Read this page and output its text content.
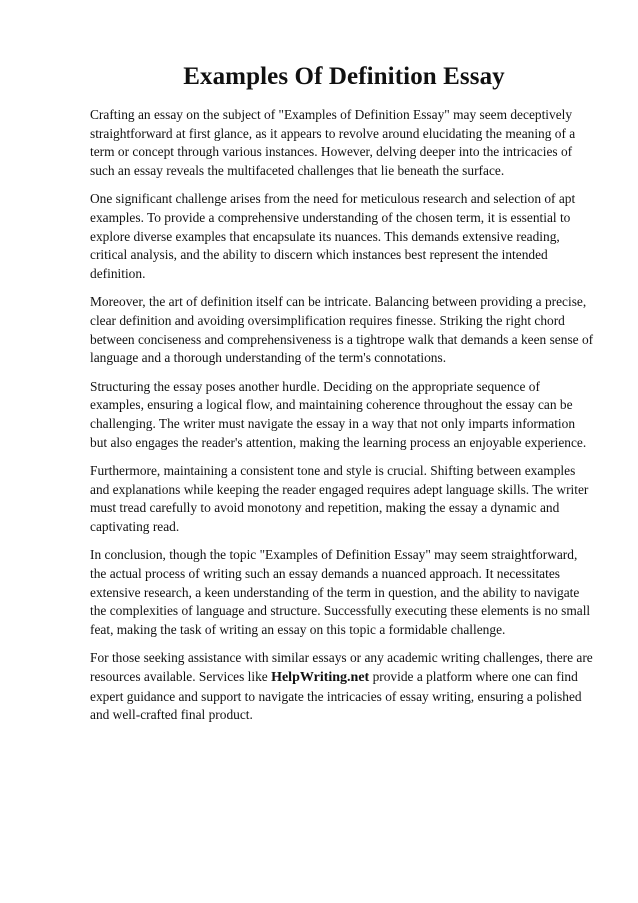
Examples Of Definition Essay

Crafting an essay on the subject of "Examples of Definition Essay" may seem deceptively straightforward at first glance, as it appears to revolve around elucidating the meaning of a term or concept through various instances. However, delving deeper into the intricacies of such an essay reveals the multifaceted challenges that lie beneath the surface.

One significant challenge arises from the need for meticulous research and selection of apt examples. To provide a comprehensive understanding of the chosen term, it is essential to explore diverse examples that encapsulate its nuances. This demands extensive reading, critical analysis, and the ability to discern which instances best represent the intended definition.

Moreover, the art of definition itself can be intricate. Balancing between providing a precise, clear definition and avoiding oversimplification requires finesse. Striking the right chord between conciseness and comprehensiveness is a tightrope walk that demands a keen sense of language and a thorough understanding of the term's connotations.

Structuring the essay poses another hurdle. Deciding on the appropriate sequence of examples, ensuring a logical flow, and maintaining coherence throughout the essay can be challenging. The writer must navigate the essay in a way that not only imparts information but also engages the reader's attention, making the learning process an enjoyable experience.

Furthermore, maintaining a consistent tone and style is crucial. Shifting between examples and explanations while keeping the reader engaged requires adept language skills. The writer must tread carefully to avoid monotony and repetition, making the essay a dynamic and captivating read.

In conclusion, though the topic "Examples of Definition Essay" may seem straightforward, the actual process of writing such an essay demands a nuanced approach. It necessitates extensive research, a keen understanding of the term in question, and the ability to navigate the complexities of language and structure. Successfully executing these elements is no small feat, making the task of writing an essay on this topic a formidable challenge.

For those seeking assistance with similar essays or any academic writing challenges, there are resources available. Services like HelpWriting.net provide a platform where one can find expert guidance and support to navigate the intricacies of essay writing, ensuring a polished and well-crafted final product.
